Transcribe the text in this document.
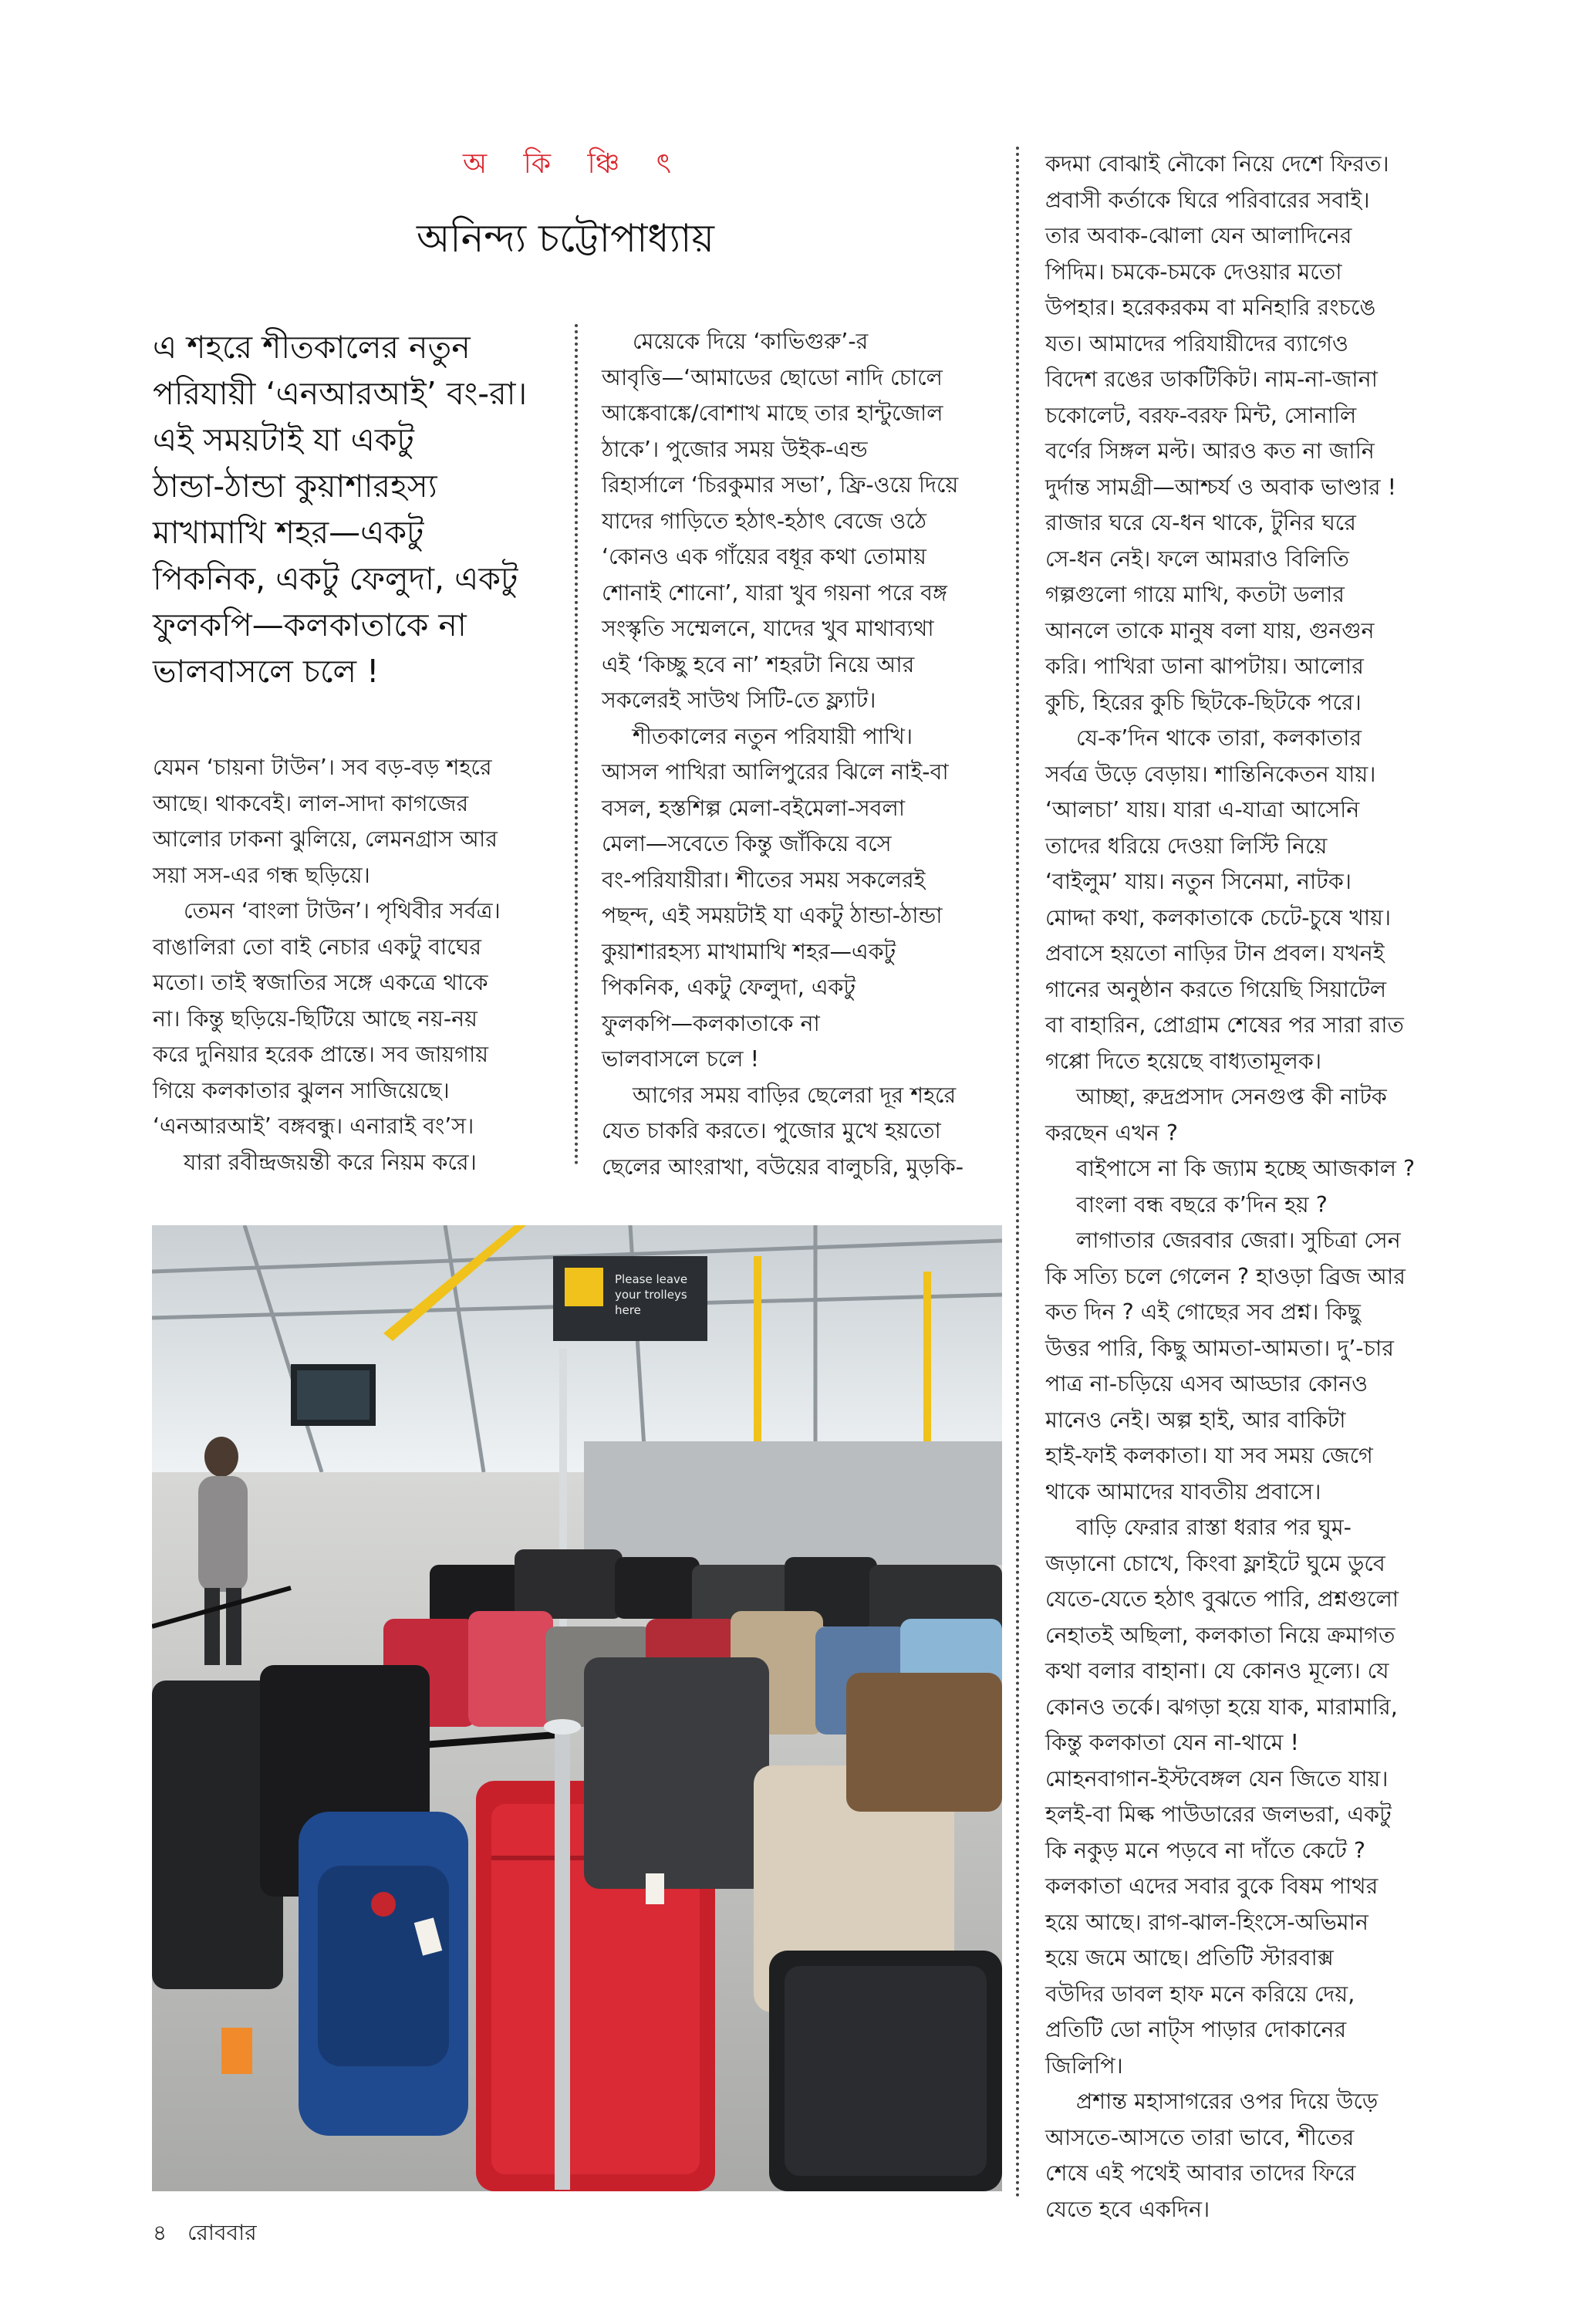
অ কি ঞ্চি ৎ
অনিন্দ্য চট্টোপাধ্যায়
এ শহরে শীতকালের নতুন
পরিযায়ী ‘এনআরআই’ বং-রা।
এই সময়টাই যা একটু
ঠান্ডা-ঠান্ডা কুয়াশারহস্য
মাখামাখি শহর—একটু
পিকনিক, একটু ফেলুদা, একটু
ফুলকপি—কলকাতাকে না
ভালবাসলে চলে !
যেমন ‘চায়না টাউন’। সব বড়-বড় শহরে
আছে। থাকবেই। লাল-সাদা কাগজের
আলোর ঢাকনা ঝুলিয়ে, লেমনগ্রাস আর
সয়া সস-এর গন্ধ ছড়িয়ে।
তেমন ‘বাংলা টাউন’। পৃথিবীর সর্বত্র।
বাঙালিরা তো বাই নেচার একটু বাঘের
মতো। তাই স্বজাতির সঙ্গে একত্রে থাকে
না। কিন্তু ছড়িয়ে-ছিটিয়ে আছে নয়-নয়
করে দুনিয়ার হরেক প্রান্তে। সব জায়গায়
গিয়ে কলকাতার ঝুলন সাজিয়েছে।
‘এনআরআই’ বঙ্গবন্ধু। এনারাই বং’স।
যারা রবীন্দ্রজয়ন্তী করে নিয়ম করে।
মেয়েকে দিয়ে ‘কাভিগুরু’-র
আবৃত্তি—‘আমাডের ছোডো নাদি চোলে
আঙ্কেবাঙ্কে/বোশাখ মাছে তার হান্টুজোল
ঠাকে’। পুজোর সময় উইক-এন্ড
রিহার্সালে ‘চিরকুমার সভা’, ফ্রি-ওয়ে দিয়ে
যাদের গাড়িতে হঠাৎ-হঠাৎ বেজে ওঠে
‘কোনও এক গাঁয়ের বধূর কথা তোমায়
শোনাই শোনো’, যারা খুব গয়না পরে বঙ্গ
সংস্কৃতি সম্মেলনে, যাদের খুব মাথাব্যথা
এই ‘কিচ্ছু হবে না’ শহরটা নিয়ে আর
সকলেরই সাউথ সিটি-তে ফ্ল্যাট।
শীতকালের নতুন পরিযায়ী পাখি।
আসল পাখিরা আলিপুরের ঝিলে নাই-বা
বসল, হস্তশিল্প মেলা-বইমেলা-সবলা
মেলা—সবেতে কিন্তু জাঁকিয়ে বসে
বং-পরিযায়ীরা। শীতের সময় সকলেরই
পছন্দ, এই সময়টাই যা একটু ঠান্ডা-ঠান্ডা
কুয়াশারহস্য মাখামাখি শহর—একটু
পিকনিক, একটু ফেলুদা, একটু
ফুলকপি—কলকাতাকে না
ভালবাসলে চলে !
আগের সময় বাড়ির ছেলেরা দূর শহরে
যেত চাকরি করতে। পুজোর মুখে হয়তো
ছেলের আংরাখা, বউয়ের বালুচরি, মুড়কি-
কদমা বোঝাই নৌকো নিয়ে দেশে ফিরত।
প্রবাসী কর্তাকে ঘিরে পরিবারের সবাই।
তার অবাক-ঝোলা যেন আলাদিনের
পিদিম। চমকে-চমকে দেওয়ার মতো
উপহার। হরেকরকম বা মনিহারি রংচঙে
যত। আমাদের পরিযায়ীদের ব্যাগেও
বিদেশ রঙের ডাকটিকিট। নাম-না-জানা
চকোলেট, বরফ-বরফ মিন্ট, সোনালি
বর্ণের সিঙ্গল মল্ট। আরও কত না জানি
দুর্দান্ত সামগ্রী—আশ্চর্য ও অবাক ভাণ্ডার !
রাজার ঘরে যে-ধন থাকে, টুনির ঘরে
সে-ধন নেই। ফলে আমরাও বিলিতি
গল্পগুলো গায়ে মাখি, কতটা ডলার
আনলে তাকে মানুষ বলা যায়, গুনগুন
করি। পাখিরা ডানা ঝাপটায়। আলোর
কুচি, হিরের কুচি ছিটকে-ছিটকে পরে।
যে-ক’দিন থাকে তারা, কলকাতার
সর্বত্র উড়ে বেড়ায়। শান্তিনিকেতন যায়।
‘আলচা’ যায়। যারা এ-যাত্রা আসেনি
তাদের ধরিয়ে দেওয়া লিস্টি নিয়ে
‘বাইলুম’ যায়। নতুন সিনেমা, নাটক।
মোদ্দা কথা, কলকাতাকে চেটে-চুষে খায়।
প্রবাসে হয়তো নাড়ির টান প্রবল। যখনই
গানের অনুষ্ঠান করতে গিয়েছি সিয়াটেল
বা বাহারিন, প্রোগ্রাম শেষের পর সারা রাত
গপ্পো দিতে হয়েছে বাধ্যতামূলক।
আচ্ছা, রুদ্রপ্রসাদ সেনগুপ্ত কী নাটক
করছেন এখন ?
বাইপাসে না কি জ্যাম হচ্ছে আজকাল ?
বাংলা বন্ধ বছরে ক’দিন হয় ?
লাগাতার জেরবার জেরা। সুচিত্রা সেন
কি সত্যি চলে গেলেন ? হাওড়া ব্রিজ আর
কত দিন ? এই গোছের সব প্রশ্ন। কিছু
উত্তর পারি, কিছু আমতা-আমতা। দু’-চার
পাত্র না-চড়িয়ে এসব আড্ডার কোনও
মানেও নেই। অল্প হাই, আর বাকিটা
হাই-ফাই কলকাতা। যা সব সময় জেগে
থাকে আমাদের যাবতীয় প্রবাসে।
বাড়ি ফেরার রাস্তা ধরার পর ঘুম-
জড়ানো চোখে, কিংবা ফ্লাইটে ঘুমে ডুবে
যেতে-যেতে হঠাৎ বুঝতে পারি, প্রশ্নগুলো
নেহাতই অছিলা, কলকাতা নিয়ে ক্রমাগত
কথা বলার বাহানা। যে কোনও মূল্যে। যে
কোনও তর্কে। ঝগড়া হয়ে যাক, মারামারি,
কিন্তু কলকাতা যেন না-থামে !
মোহনবাগান-ইস্টবেঙ্গল যেন জিতে যায়।
হলই-বা মিল্ক পাউডারের জলভরা, একটু
কি নকুড় মনে পড়বে না দাঁতে কেটে ?
কলকাতা এদের সবার বুকে বিষম পাথর
হয়ে আছে। রাগ-ঝাল-হিংসে-অভিমান
হয়ে জমে আছে। প্রতিটি স্টারবাক্স
বউদির ডাবল হাফ মনে করিয়ে দেয়,
প্রতিটি ডো নাট্স পাড়ার দোকানের
জিলিপি।
প্রশান্ত মহাসাগরের ওপর দিয়ে উড়ে
আসতে-আসতে তারা ভাবে, শীতের
শেষে এই পথেই আবার তাদের ফিরে
যেতে হবে একদিন।
Please leave
your trolleys
here
৪ রোববার
